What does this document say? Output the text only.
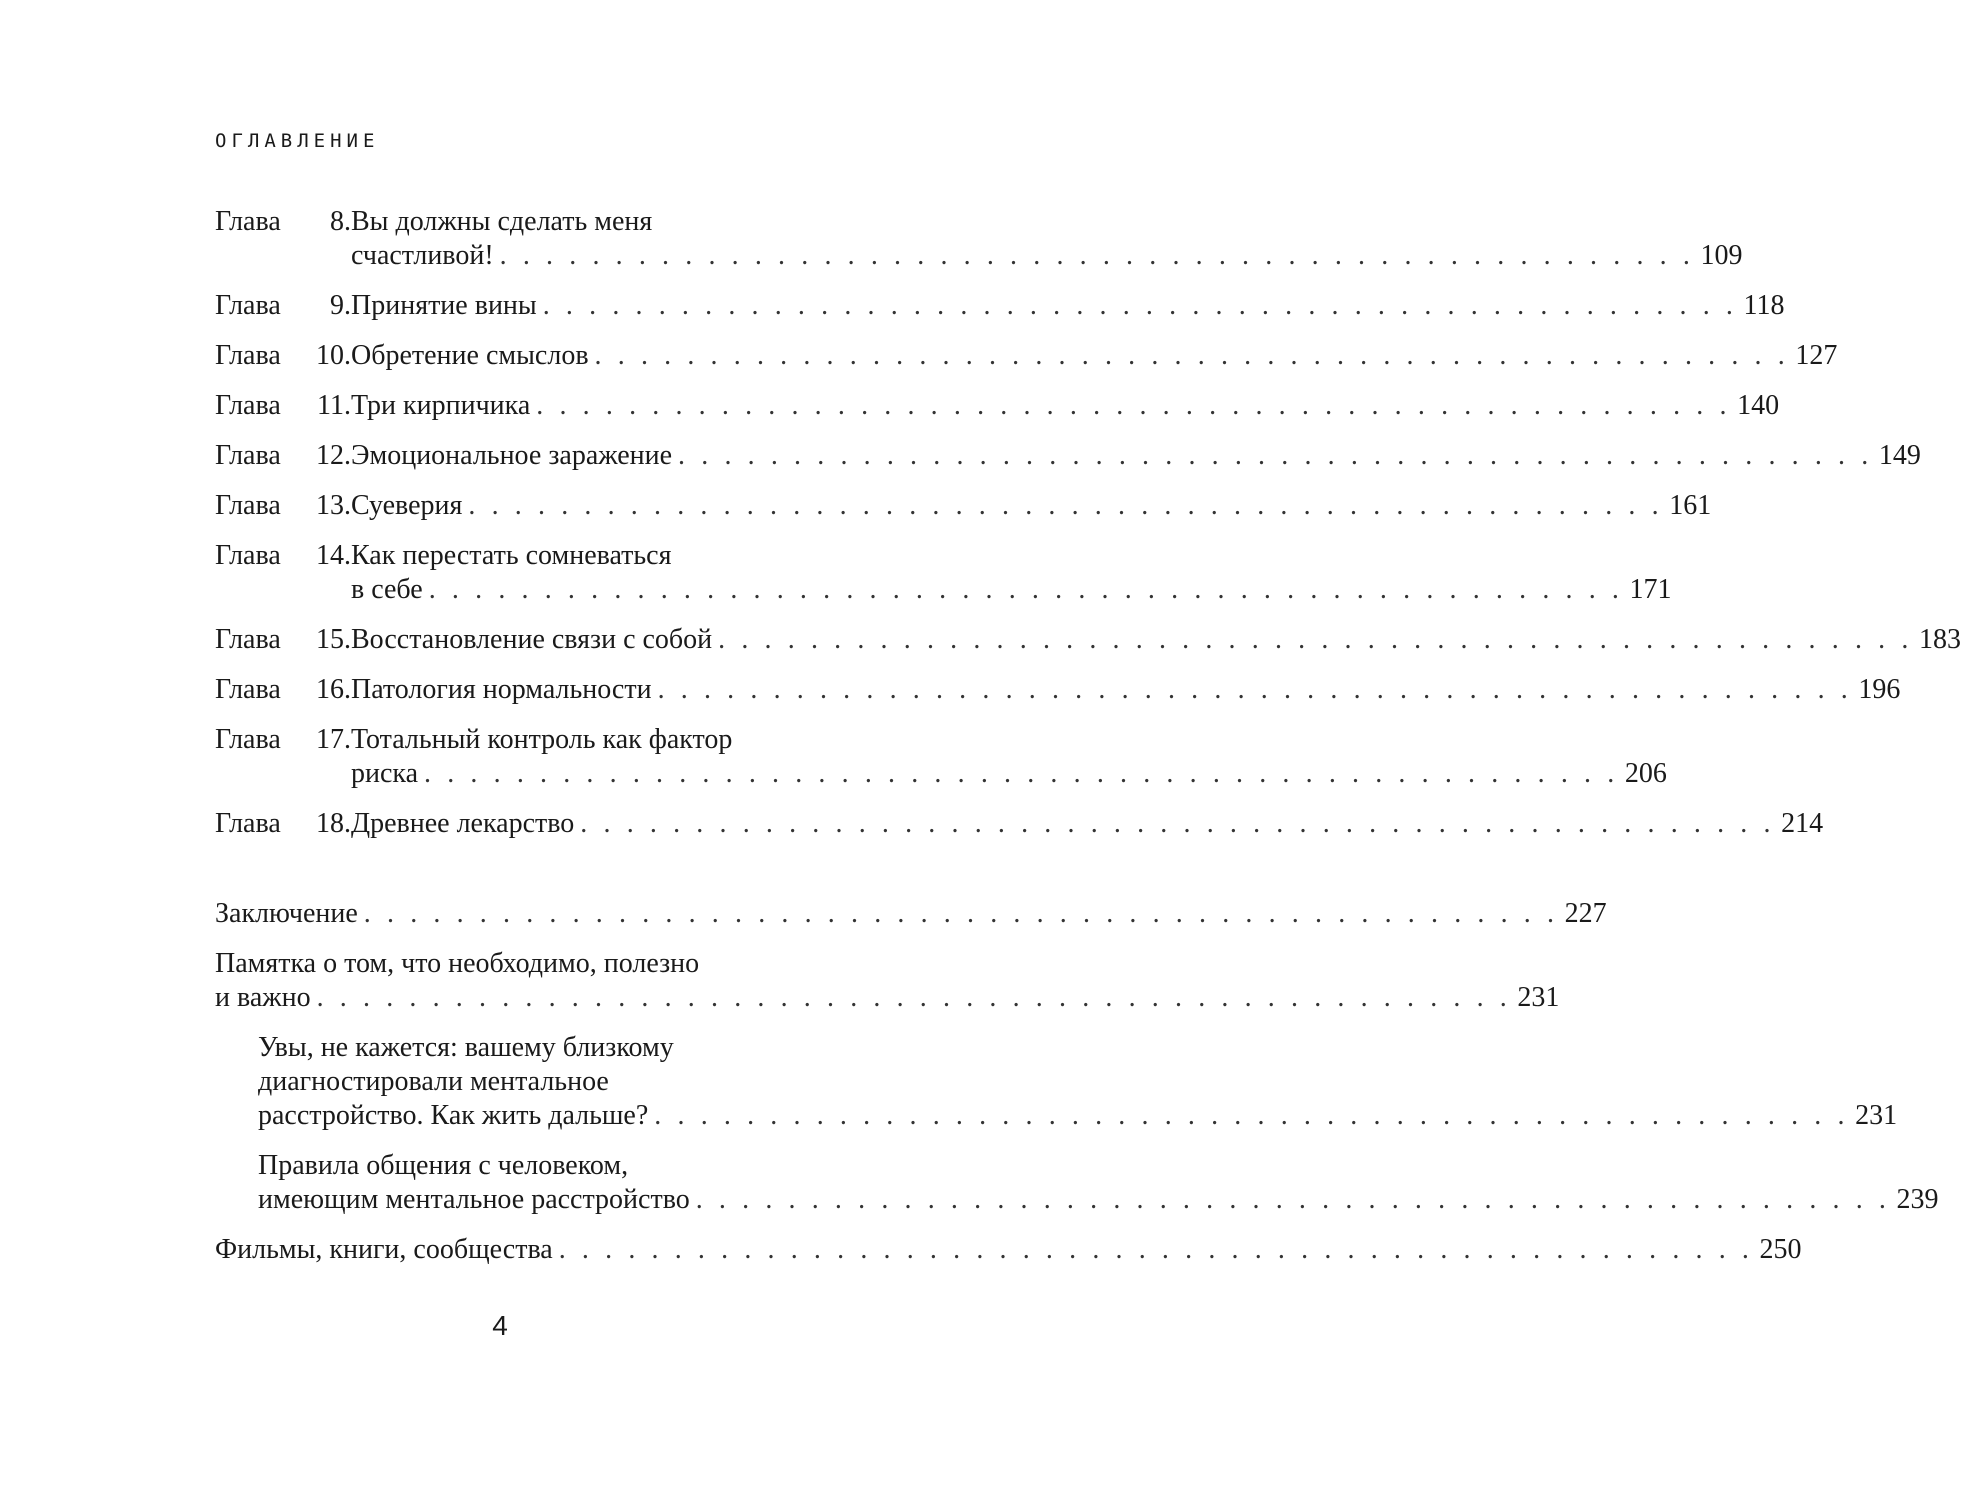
ОГЛАВЛЕНИЕ
Глава	8. Вы должны сделать меня
счастливой! . . . . . . . . . . . . . . . . . . . . . . . . . . . . . . . . . . . . . . . . . . . . . . . . . . . . 109
Глава	9. Принятие вины . . . . . . . . . . . . . . . . . . . . . . . . . . . . . . . . . . . . . . . . . . . . . . . . . . . . 118
Глава	10. Обретение смыслов . . . . . . . . . . . . . . . . . . . . . . . . . . . . . . . . . . . . . . . . . . . . . . . . . . . . 127
Глава	11. Три кирпичика . . . . . . . . . . . . . . . . . . . . . . . . . . . . . . . . . . . . . . . . . . . . . . . . . . . . 140
Глава	12. Эмоциональное заражение . . . . . . . . . . . . . . . . . . . . . . . . . . . . . . . . . . . . . . . . . . . . . . . . . . . . 149
Глава	13. Суеверия . . . . . . . . . . . . . . . . . . . . . . . . . . . . . . . . . . . . . . . . . . . . . . . . . . . . 161
Глава	14. Как перестать сомневаться
в себе . . . . . . . . . . . . . . . . . . . . . . . . . . . . . . . . . . . . . . . . . . . . . . . . . . . . 171
Глава	15. Восстановление связи с собой . . . . . . . . . . . . . . . . . . . . . . . . . . . . . . . . . . . . . . . . . . . . . . . . . . . . 183
Глава	16. Патология нормальности . . . . . . . . . . . . . . . . . . . . . . . . . . . . . . . . . . . . . . . . . . . . . . . . . . . . 196
Глава	17. Тотальный контроль как фактор
риска . . . . . . . . . . . . . . . . . . . . . . . . . . . . . . . . . . . . . . . . . . . . . . . . . . . . 206
Глава	18. Древнее лекарство . . . . . . . . . . . . . . . . . . . . . . . . . . . . . . . . . . . . . . . . . . . . . . . . . . . . 214
Заключение . . . . . . . . . . . . . . . . . . . . . . . . . . . . . . . . . . . . . . . . . . . . . . . . . . . . 227
Памятка о том, что необходимо, полезно
и важно . . . . . . . . . . . . . . . . . . . . . . . . . . . . . . . . . . . . . . . . . . . . . . . . . . . . 231
Увы, не кажется: вашему близкому
диагностировали ментальное
расстройство. Как жить дальше? . . . . . . . . . . . . . . . . . . . . . . . . . . . . . . . . . . . . . . . . . . . . . . . . . . . . 231
Правила общения с человеком,
имеющим ментальное расстройство . . . . . . . . . . . . . . . . . . . . . . . . . . . . . . . . . . . . . . . . . . . . . . . . . . . . 239
Фильмы, книги, сообщества . . . . . . . . . . . . . . . . . . . . . . . . . . . . . . . . . . . . . . . . . . . . . . . . . . . . 250
4
